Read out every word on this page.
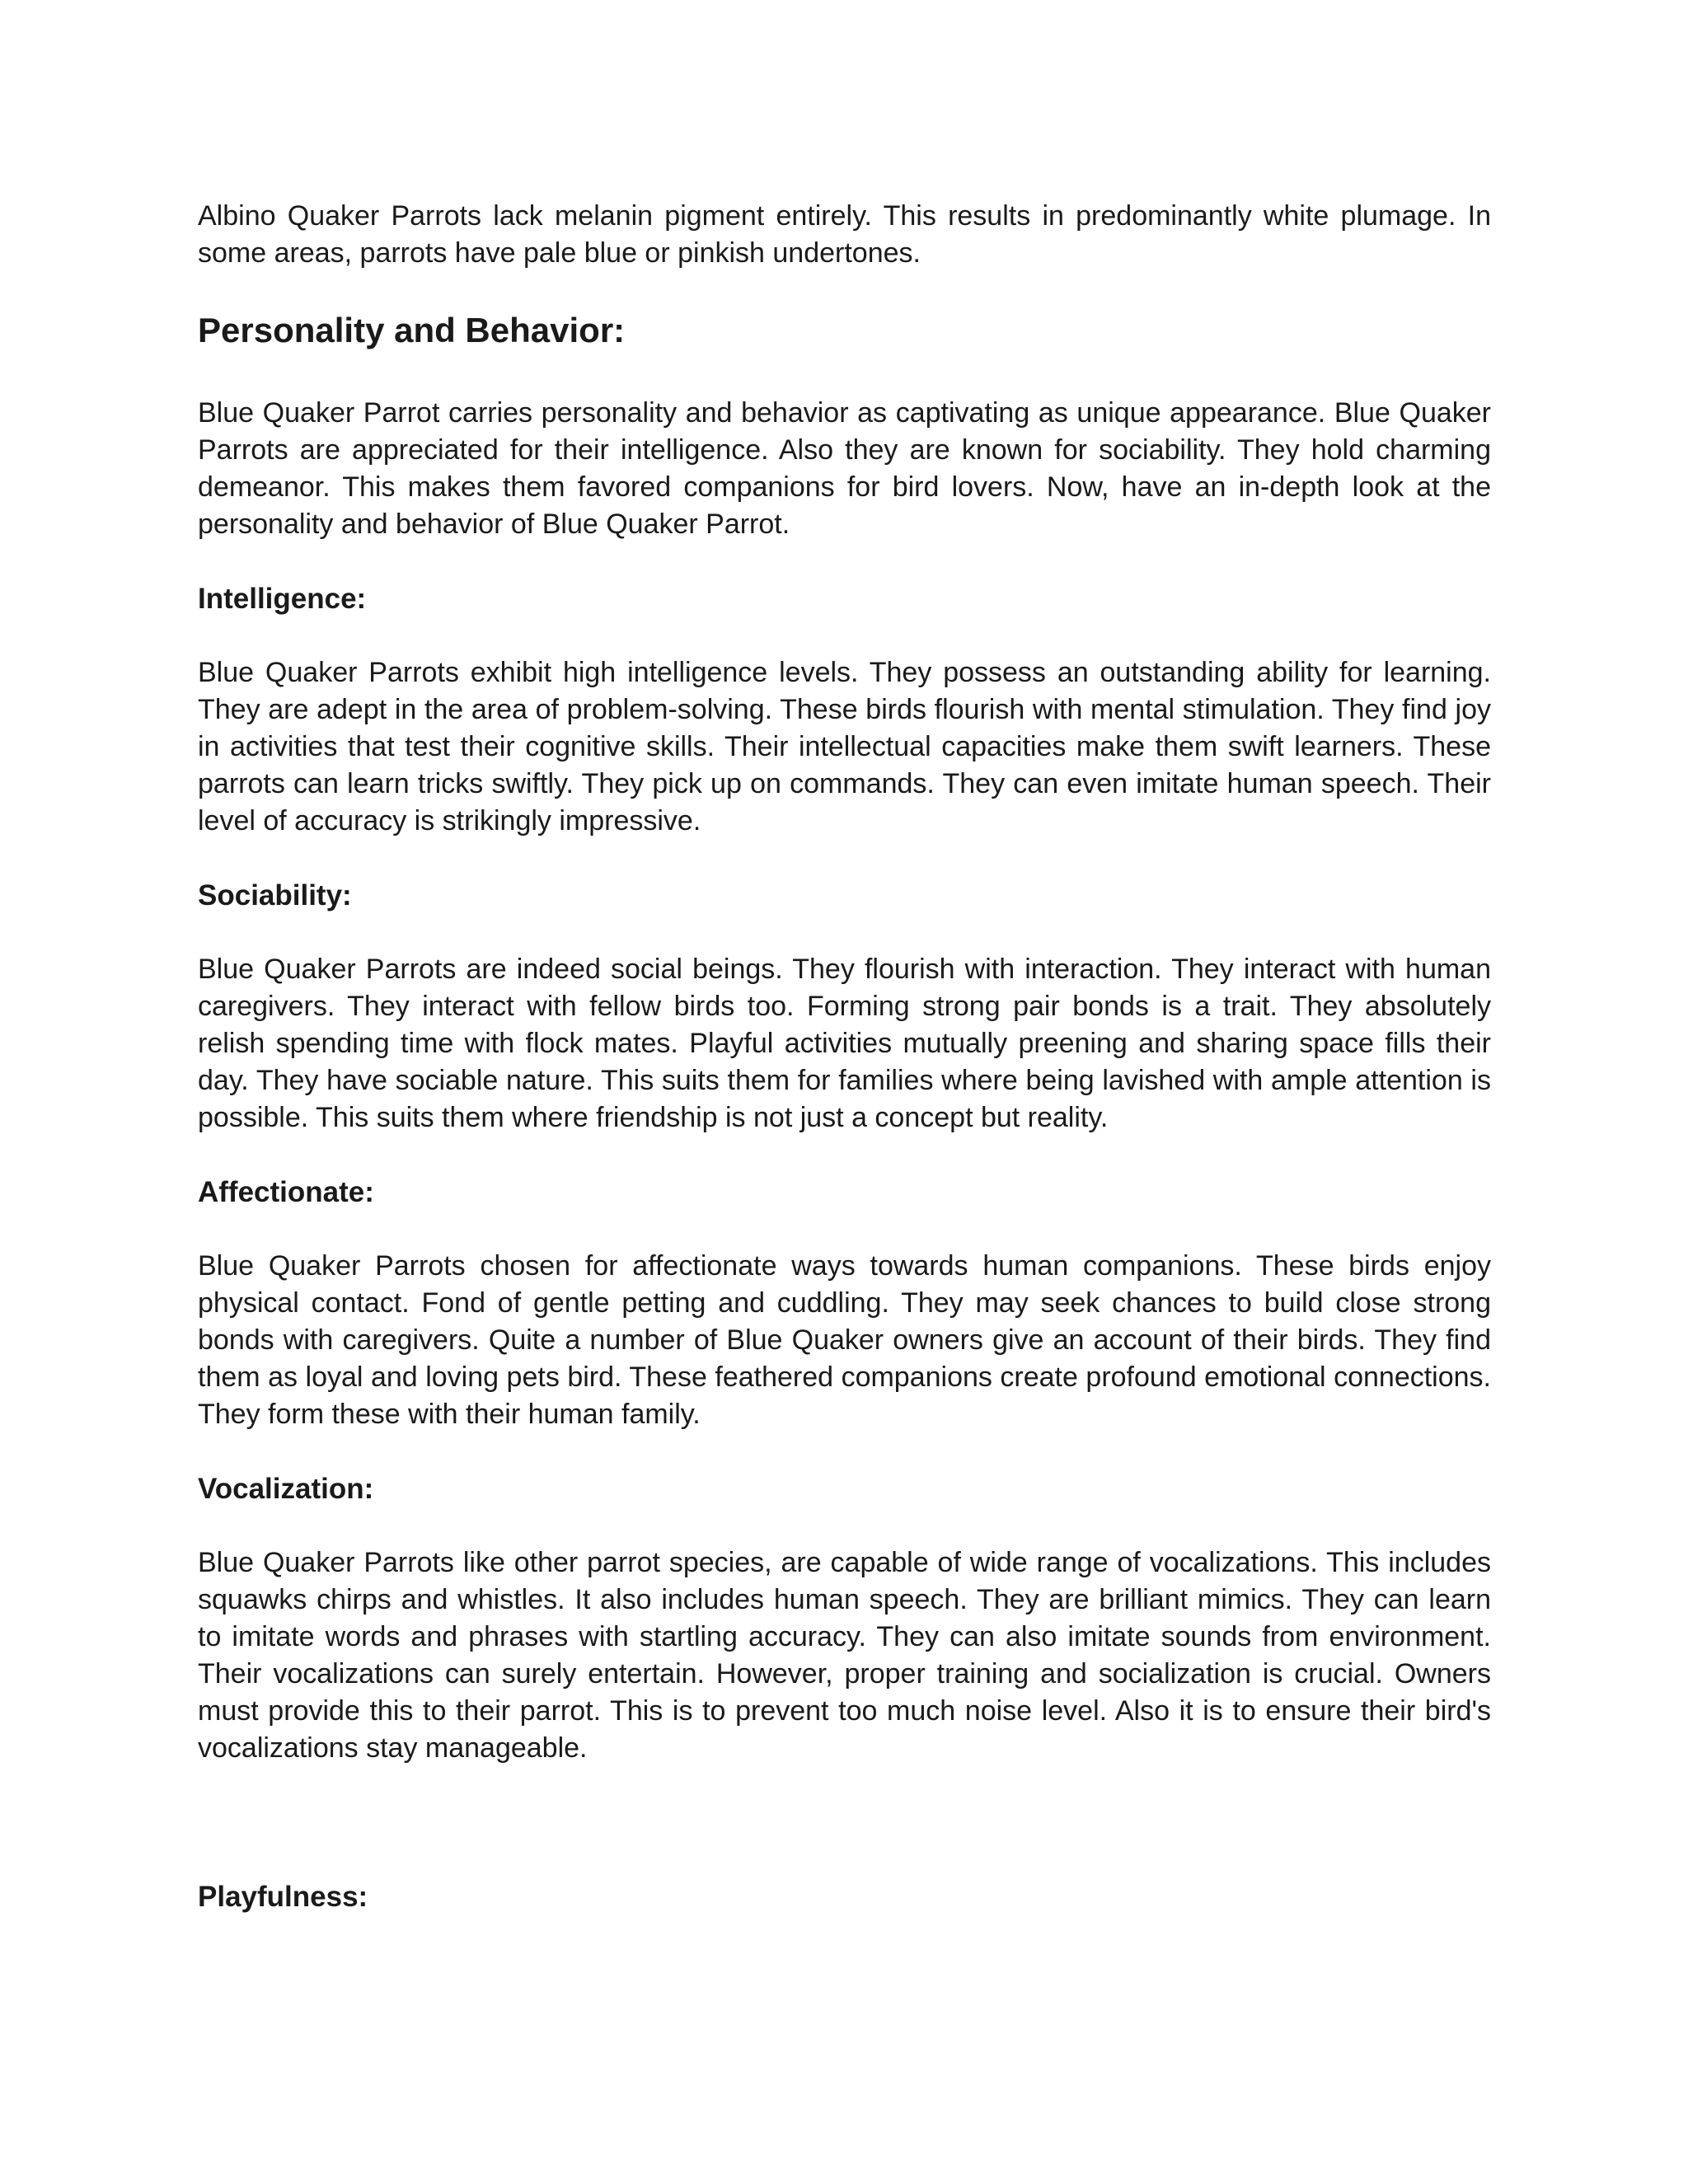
Albino Quaker Parrots lack melanin pigment entirely. This results in predominantly white plumage. In some areas, parrots have pale blue or pinkish undertones.

Personality and Behavior:

Blue Quaker Parrot carries personality and behavior as captivating as unique appearance. Blue Quaker Parrots are appreciated for their intelligence. Also they are known for sociability. They hold charming demeanor. This makes them favored companions for bird lovers. Now, have an in-depth look at the personality and behavior of Blue Quaker Parrot.

Intelligence:

Blue Quaker Parrots exhibit high intelligence levels. They possess an outstanding ability for learning. They are adept in the area of problem-solving. These birds flourish with mental stimulation. They find joy in activities that test their cognitive skills. Their intellectual capacities make them swift learners. These parrots can learn tricks swiftly. They pick up on commands. They can even imitate human speech. Their level of accuracy is strikingly impressive.

Sociability:

Blue Quaker Parrots are indeed social beings. They flourish with interaction. They interact with human caregivers. They interact with fellow birds too. Forming strong pair bonds is a trait. They absolutely relish spending time with flock mates. Playful activities mutually preening and sharing space fills their day. They have sociable nature. This suits them for families where being lavished with ample attention is possible. This suits them where friendship is not just a concept but reality.

Affectionate:

Blue Quaker Parrots chosen for affectionate ways towards human companions. These birds enjoy physical contact. Fond of gentle petting and cuddling. They may seek chances to build close strong bonds with caregivers. Quite a number of Blue Quaker owners give an account of their birds. They find them as loyal and loving pets bird. These feathered companions create profound emotional connections. They form these with their human family.

Vocalization:

Blue Quaker Parrots like other parrot species, are capable of wide range of vocalizations. This includes squawks chirps and whistles. It also includes human speech. They are brilliant mimics. They can learn to imitate words and phrases with startling accuracy. They can also imitate sounds from environment. Their vocalizations can surely entertain. However, proper training and socialization is crucial. Owners must provide this to their parrot. This is to prevent too much noise level. Also it is to ensure their bird's vocalizations stay manageable.

Playfulness:
